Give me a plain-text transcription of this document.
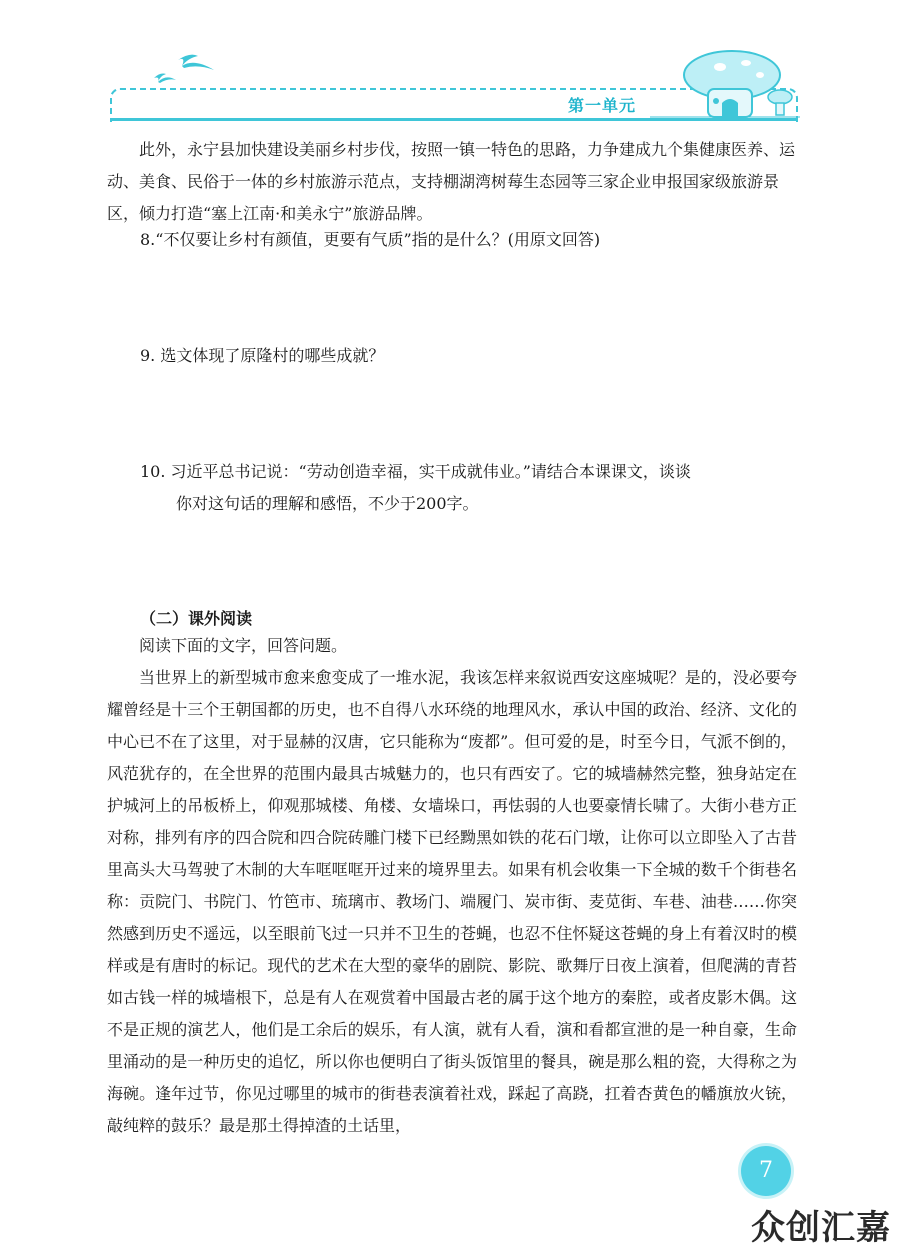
第一单元

此外，永宁县加快建设美丽乡村步伐，按照一镇一特色的思路，力争建成九个集健康医养、运动、美食、民俗于一体的乡村旅游示范点，支持棚湖湾树莓生态园等三家企业申报国家级旅游景区，倾力打造“塞上江南·和美永宁”旅游品牌。

8.“不仅要让乡村有颜值，更要有气质”指的是什么？(用原文回答)

9. 选文体现了原隆村的哪些成就？

10. 习近平总书记说：“劳动创造幸福，实干成就伟业。”请结合本课课文，谈谈你对这句话的理解和感悟，不少于200字。

（二）课外阅读

阅读下面的文字，回答问题。

当世界上的新型城市愈来愈变成了一堆水泥，我该怎样来叙说西安这座城呢？是的，没必要夸耀曾经是十三个王朝国都的历史，也不自得八水环绕的地理风水，承认中国的政治、经济、文化的中心已不在了这里，对于显赫的汉唐，它只能称为“废都”。但可爱的是，时至今日，气派不倒的，风范犹存的，在全世界的范围内最具古城魅力的，也只有西安了。它的城墙赫然完整，独身站定在护城河上的吊板桥上，仰观那城楼、角楼、女墙垛口，再怯弱的人也要豪情长啸了。大街小巷方正对称，排列有序的四合院和四合院砖雕门楼下已经黝黑如铁的花石门墩，让你可以立即坠入了古昔里高头大马驾驶了木制的大车哐哐哐开过来的境界里去。如果有机会收集一下全城的数千个街巷名称：贡院门、书院门、竹笆市、琉璃市、教场门、端履门、炭市街、麦苋街、车巷、油巷……你突然感到历史不遥远，以至眼前飞过一只并不卫生的苍蝇，也忍不住怀疑这苍蝇的身上有着汉时的模样或是有唐时的标记。现代的艺术在大型的豪华的剧院、影院、歌舞厅日夜上演着，但爬满的青苔如古钱一样的城墙根下，总是有人在观赏着中国最古老的属于这个地方的秦腔，或者皮影木偶。这不是正规的演艺人，他们是工余后的娱乐，有人演，就有人看，演和看都宣泄的是一种自豪，生命里涌动的是一种历史的追忆，所以你也便明白了街头饭馆里的餐具，碗是那么粗的瓷，大得称之为海碗。逢年过节，你见过哪里的城市的街巷表演着社戏，踩起了高跷，扛着杏黄色的幡旗放火铳，敲纯粹的鼓乐？最是那土得掉渣的土话里，

7
众创汇嘉
